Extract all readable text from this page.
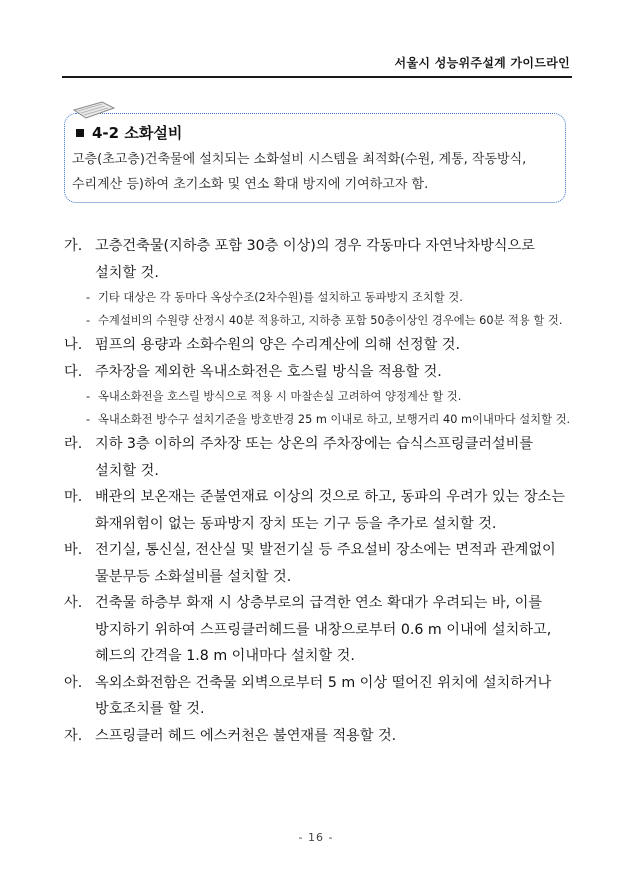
서울시 성능위주설계 가이드라인
4-2
소화설비
고층(초고층)건축물에 설치되는 소화설비 시스템을 최적화(수원, 계통, 작동방식, 수리계산 등)하여 초기소화 및 연소 확대 방지에 기여하고자 함.
가. 고층건축물(지하층 포함 30층 이상)의 경우 각동마다 자연낙차방식으로 설치할 것.
- 기타 대상은 각 동마다 옥상수조(2차수원)를 설치하고 동파방지 조치할 것.
- 수계설비의 수원량 산정시 40분 적용하고, 지하층 포함 50층이상인 경우에는 60분 적용 할 것.
나. 펌프의 용량과 소화수원의 양은 수리계산에 의해 선정할 것.
다. 주차장을 제외한 옥내소화전은 호스릴 방식을 적용할 것.
- 옥내소화전을 호스릴 방식으로 적용 시 마찰손실 고려하여 양정계산 할 것.
- 옥내소화전 방수구 설치기준을 방호반경 25 m 이내로 하고, 보행거리 40 m이내마다 설치할 것.
라. 지하 3층 이하의 주차장 또는 상온의 주차장에는 습식스프링클러설비를 설치할 것.
마. 배관의 보온재는 준불연재료 이상의 것으로 하고, 동파의 우려가 있는 장소는 화재위험이 없는 동파방지 장치 또는 기구 등을 추가로 설치할 것.
바. 전기실, 통신실, 전산실 및 발전기실 등 주요설비 장소에는 면적과 관계없이 물분무등 소화설비를 설치할 것.
사. 건축물 하층부 화재 시 상층부로의 급격한 연소 확대가 우려되는 바, 이를 방지하기 위하여 스프링클러헤드를 내창으로부터 0.6 m 이내에 설치하고, 헤드의 간격을 1.8 m 이내마다 설치할 것.
아. 옥외소화전함은 건축물 외벽으로부터 5 m 이상 떨어진 위치에 설치하거나 방호조치를 할 것.
자. 스프링클러 헤드 에스커천은 불연재를 적용할 것.
- 16 -
